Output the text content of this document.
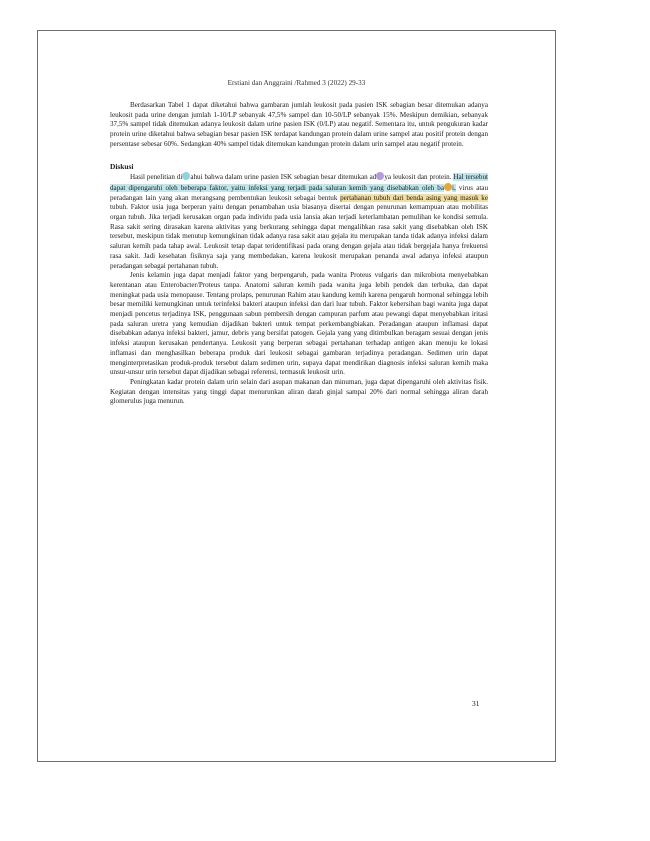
Erstiani dan Anggraini /Rahmed 3 (2022) 29-33

Berdasarkan Tabel 1 dapat diketahui bahwa gambaran jumlah leukosit pada pasien ISK sebagian besar ditemukan adanya leukosit pada urine dengan jumlah 1-10/LP sebanyak 47,5% sampel dan 10-50/LP sebanyak 15%. Meskipun demikian, sebanyak 37,5% sampel tidak ditemukan adanya leukosit dalam urine pasien ISK (0/LP) atau negatif. Sementara itu, untuk pengukuran kadar protein urine diketahui bahwa sebagian besar pasien ISK terdapat kandungan protein dalam urine sampel atau positif protein dengan persentase sebesar 60%. Sedangkan 40% sampel tidak ditemukan kandungan protein dalam urin sampel atau negatif protein.

Diskusi

Hasil penelitian di ahui bahwa dalam urine pasien ISK sebagian besar ditemukan ad ya leukosit dan protein. Hal tersebut dapat dipengaruhi oleh beberapa faktor, yaitu infeksi yang terjadi pada saluran kemih yang disebabkan oleh ba i, virus atau peradangan lain yang akan merangsang pembentukan leukosit sebagai bentuk pertahanan tubuh dari benda asing yang masuk ke tubuh. Faktor usia juga berperan yaitu dengan penambahan usia biasanya disertai dengan penurunan kemampuan atau mobilitas organ tubuh. Jika terjadi kerusakan organ pada individu pada usia lansia akan terjadi keterlambatan pemulihan ke kondisi semula. Rasa sakit sering dirasakan karena aktivitas yang berkurang sehingga dapat mengalihkan rasa sakit yang disebabkan oleh ISK tersebut, meskipun tidak menutup kemungkinan tidak adanya rasa sakit atau gejala itu merupakan tanda tidak adanya infeksi dalam saluran kemih pada tahap awal. Leukosit tetap dapat teridentifikasi pada orang dengan gejala atau tidak bergejala hanya frekuensi rasa sakit. Jadi kesehatan fisiknya saja yang membedakan, karena leukosit merupakan penanda awal adanya infeksi ataupun peradangan sebagai pertahanan tubuh.

Jenis kelamin juga dapat menjadi faktor yang berpengaruh, pada wanita Proteus vulgaris dan mikrobiota menyebabkan kerentanan atau Enterobacter/Proteus tanpa. Anatomi saluran kemih pada wanita juga lebih pendek dan terbuka, dan dapat meningkat pada usia menopause. Tentang prolaps, penurunan Rahim atau kandung kemih karena pengaruh hormonal sehingga lebih besar memiliki kemungkinan untuk terinfeksi bakteri ataupun infeksi dan dari luar tubuh. Faktor kebersihan bagi wanita juga dapat menjadi pencetus terjadinya ISK, penggunaan sabun pembersih dengan campuran parfum atau pewangi dapat menyebabkan iritasi pada saluran uretra yang kemudian dijadikan bakteri untuk tempat perkembangbiakan. Peradangan ataupun inflamasi dapat disebabkan adanya infeksi bakteri, jamur, debris yang bersifat patogen. Gejala yang yang ditimbulkan beragam sesuai dengan jenis infeksi ataupun kerusakan pendertanya. Leukosit yang berperan sebagai pertahanan terhadap antigen akan menuju ke lokasi inflamasi dan menghasilkan beberapa produk dari leukosit sebagai gambaran terjadinya peradangan. Sedimen urin dapat menginterpretasikan produk-produk tersebut dalam sedimen urin, supaya dapat mendirikan diagnosis infeksi saluran kemih maka unsur-unsur urin tersebut dapat dijadikan sebagai referensi, termasuk leukosit urin.

Peningkatan kadar protein dalam urin selain dari asupan makanan dan minuman, juga dapat dipengaruhi oleh aktivitas fisik. Kegiatan dengan intensitas yang tinggi dapat menurunkan aliran darah ginjal sampai 20% dari normal sehingga aliran darah glomerulus juga menurun.

31
